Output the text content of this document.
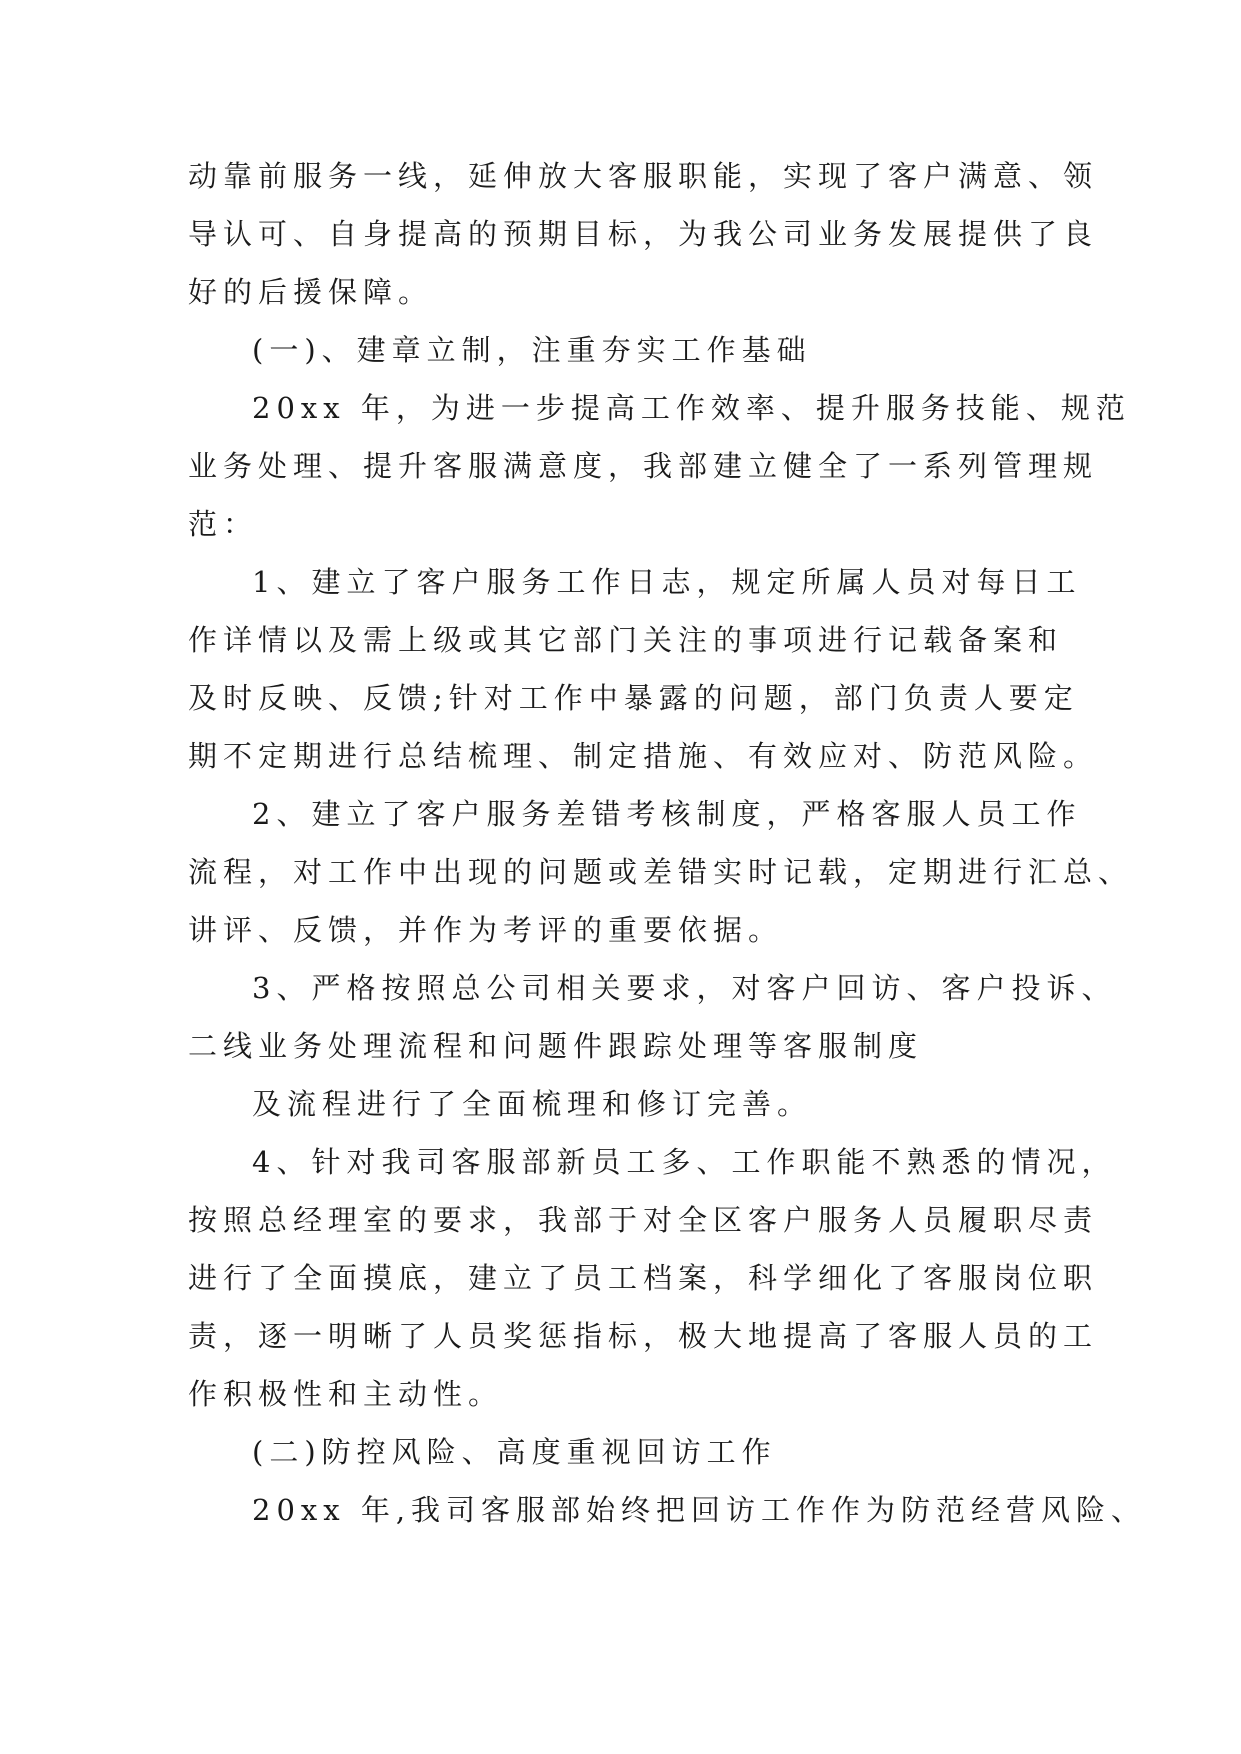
动靠前服务一线，延伸放大客服职能，实现了客户满意、领
导认可、自身提高的预期目标，为我公司业务发展提供了良
好的后援保障。
(一)、建章立制，注重夯实工作基础
20xx 年，为进一步提高工作效率、提升服务技能、规范
业务处理、提升客服满意度，我部建立健全了一系列管理规
范：
1、建立了客户服务工作日志，规定所属人员对每日工
作详情以及需上级或其它部门关注的事项进行记载备案和
及时反映、反馈;针对工作中暴露的问题，部门负责人要定
期不定期进行总结梳理、制定措施、有效应对、防范风险。
2、建立了客户服务差错考核制度，严格客服人员工作
流程，对工作中出现的问题或差错实时记载，定期进行汇总、
讲评、反馈，并作为考评的重要依据。
3、严格按照总公司相关要求，对客户回访、客户投诉、
二线业务处理流程和问题件跟踪处理等客服制度
及流程进行了全面梳理和修订完善。
4、针对我司客服部新员工多、工作职能不熟悉的情况，
按照总经理室的要求，我部于对全区客户服务人员履职尽责
进行了全面摸底，建立了员工档案，科学细化了客服岗位职
责，逐一明晰了人员奖惩指标，极大地提高了客服人员的工
作积极性和主动性。
(二)防控风险、高度重视回访工作
20xx 年,我司客服部始终把回访工作作为防范经营风险、
